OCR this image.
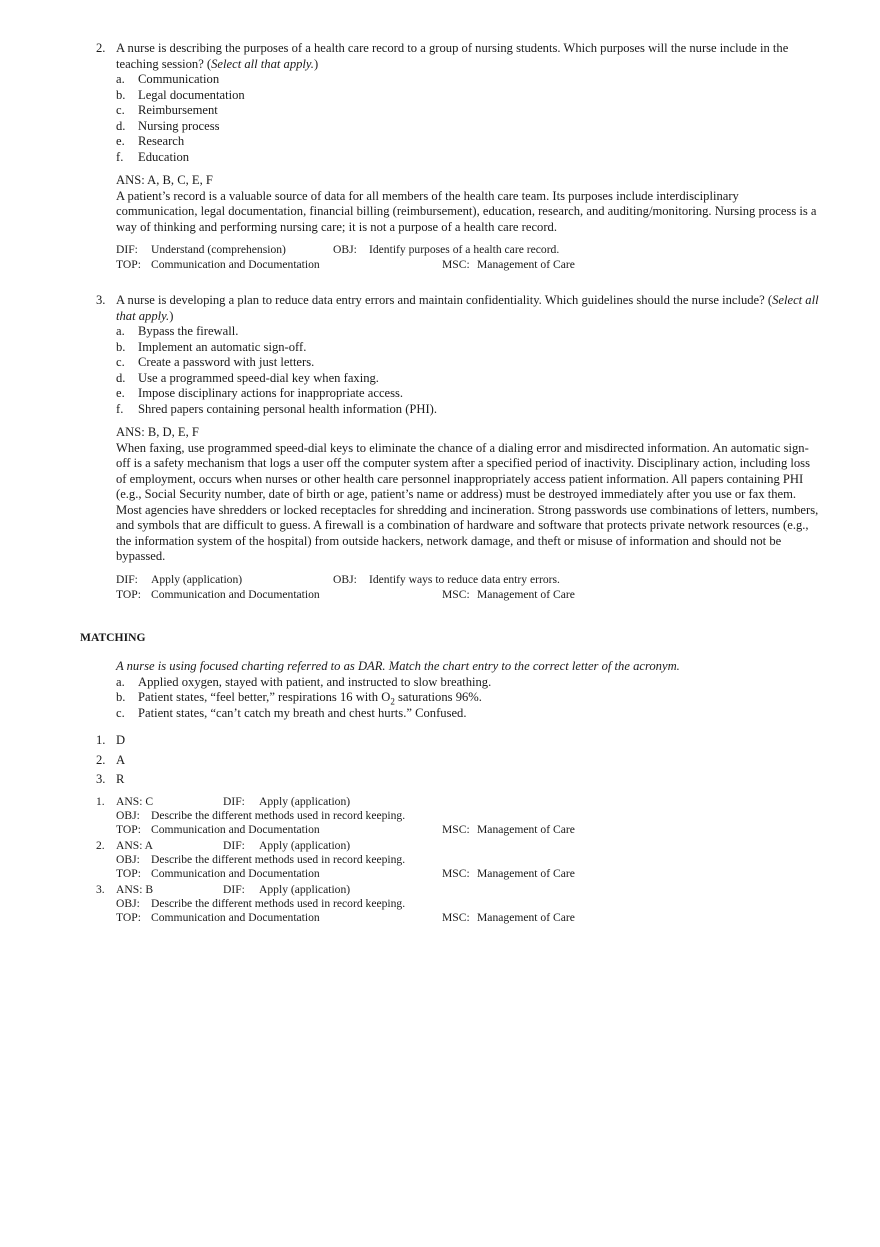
2. A nurse is describing the purposes of a health care record to a group of nursing students. Which purposes will the nurse include in the teaching session? (Select all that apply.)
a. Communication
b. Legal documentation
c. Reimbursement
d. Nursing process
e. Research
f. Education
ANS: A, B, C, E, F
A patient’s record is a valuable source of data for all members of the health care team. Its purposes include interdisciplinary communication, legal documentation, financial billing (reimbursement), education, research, and auditing/monitoring. Nursing process is a way of thinking and performing nursing care; it is not a purpose of a health care record.
DIF: Understand (comprehension)	OBJ: Identify purposes of a health care record.
TOP: Communication and Documentation	MSC: Management of Care
3. A nurse is developing a plan to reduce data entry errors and maintain confidentiality. Which guidelines should the nurse include? (Select all that apply.)
a. Bypass the firewall.
b. Implement an automatic sign-off.
c. Create a password with just letters.
d. Use a programmed speed-dial key when faxing.
e. Impose disciplinary actions for inappropriate access.
f. Shred papers containing personal health information (PHI).
ANS: B, D, E, F
When faxing, use programmed speed-dial keys to eliminate the chance of a dialing error and misdirected information. An automatic sign-off is a safety mechanism that logs a user off the computer system after a specified period of inactivity. Disciplinary action, including loss of employment, occurs when nurses or other health care personnel inappropriately access patient information. All papers containing PHI (e.g., Social Security number, date of birth or age, patient’s name or address) must be destroyed immediately after you use or fax them. Most agencies have shredders or locked receptacles for shredding and incineration. Strong passwords use combinations of letters, numbers, and symbols that are difficult to guess. A firewall is a combination of hardware and software that protects private network resources (e.g., the information system of the hospital) from outside hackers, network damage, and theft or misuse of information and should not be bypassed.
DIF: Apply (application)	OBJ: Identify ways to reduce data entry errors.
TOP: Communication and Documentation	MSC: Management of Care
MATCHING
A nurse is using focused charting referred to as DAR. Match the chart entry to the correct letter of the acronym.
a. Applied oxygen, stayed with patient, and instructed to slow breathing.
b. Patient states, “feel better,” respirations 16 with $O_2$ saturations 96%.
c. Patient states, “can’t catch my breath and chest hurts.” Confused.
1. D
2. A
3. R
1. ANS: C	DIF: Apply (application)
OBJ: Describe the different methods used in record keeping.
TOP: Communication and Documentation	MSC: Management of Care
2. ANS: A	DIF: Apply (application)
OBJ: Describe the different methods used in record keeping.
TOP: Communication and Documentation	MSC: Management of Care
3. ANS: B	DIF: Apply (application)
OBJ: Describe the different methods used in record keeping.
TOP: Communication and Documentation	MSC: Management of Care
